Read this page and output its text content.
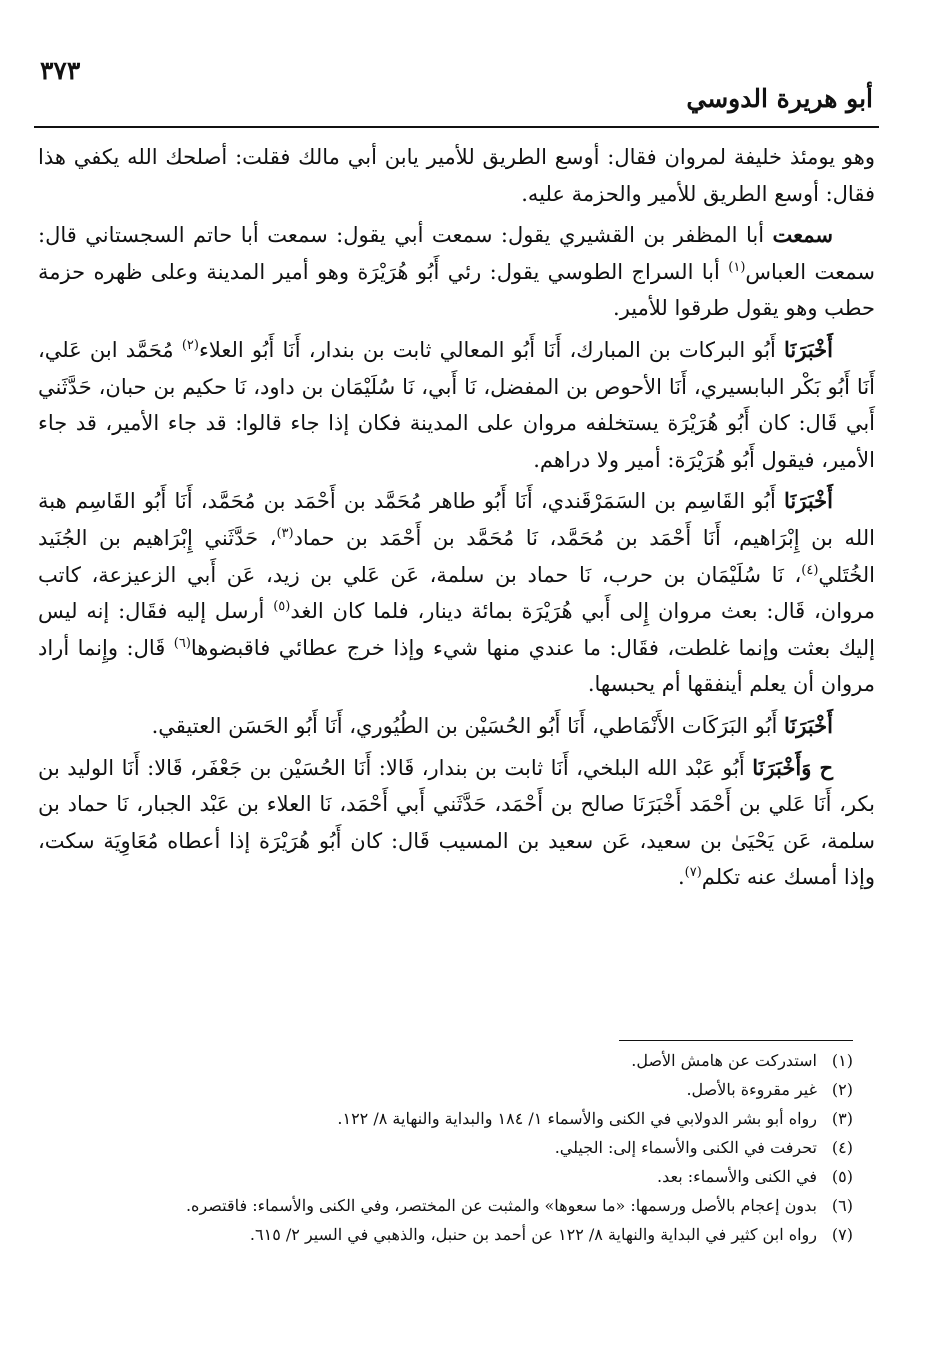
٣٧٣
أبو هريرة الدوسي

وهو يومئذ خليفة لمروان فقال: أوسع الطريق للأمير يابن أبي مالك فقلت: أصلحك الله يكفي هذا فقال: أوسع الطريق للأمير والحزمة عليه.

سمعت أبا المظفر بن القشيري يقول: سمعت أبي يقول: سمعت أبا حاتم السجستاني قال: سمعت العباس$^{(١)}$ أبا السراج الطوسي يقول: رئي أَبُو هُرَيْرَة وهو أمير المدينة وعلى ظهره حزمة حطب وهو يقول طرقوا للأمير.

أَخْبَرَنَا أَبُو البركات بن المبارك، أَنَا أَبُو المعالي ثابت بن بندار، أَنَا أَبُو العلاء$^{(٢)}$ مُحَمَّد ابن عَلي، أَنَا أَبُو بَكْر البابسيري، أَنَا الأحوص بن المفضل، نَا أَبي، نَا سُلَيْمَان بن داود، نَا حكيم بن حبان، حَدَّثَني أَبي قَال: كان أَبُو هُرَيْرَة يستخلفه مروان على المدينة فكان إذا جاء قالوا: قد جاء الأمير، قد جاء الأمير، فيقول أَبُو هُرَيْرَة: أمير ولا دراهم.

أَخْبَرَنَا أَبُو القَاسِم بن السَمَرْقَندي، أَنَا أَبُو طاهر مُحَمَّد بن أَحْمَد بن مُحَمَّد، أَنَا أَبُو القَاسِم هبة الله بن إِبْرَاهيم، أَنَا أَحْمَد بن مُحَمَّد، نَا مُحَمَّد بن أَحْمَد بن حماد$^{(٣)}$، حَدَّثَني إِبْرَاهيم بن الجُنَيد الخُتَلي$^{(٤)}$، نَا سُلَيْمَان بن حرب، نَا حماد بن سلمة، عَن عَلي بن زيد، عَن أَبي الزعيزعة، كاتب مروان، قَال: بعث مروان إِلى أَبي هُرَيْرَة بمائة دينار، فلما كان الغد$^{(٥)}$ أرسل إليه فقَال: إنه ليس إليك بعثت وإنما غلطت، فقَال: ما عندي منها شيء وإذا خرج عطائي فاقبضوها$^{(٦)}$ قَال: وإِنما أراد مروان أن يعلم أينفقها أم يحبسها.

أَخْبَرَنَا أَبُو البَرَكَات الأَنْمَاطي، أَنَا أَبُو الحُسَيْن بن الطُيُوري، أَنَا أَبُو الحَسَن العتيقي.

ح وَأَخْبَرَنَا أَبُو عَبْد الله البلخي، أَنَا ثابت بن بندار، قَالا: أَنَا الحُسَيْن بن جَعْفَر، قَالا: أَنَا الوليد بن بكر، أَنَا عَلي بن أَحْمَد أَخْبَرَنَا صالح بن أَحْمَد، حَدَّثَني أَبي أَحْمَد، نَا العلاء بن عَبْد الجبار، نَا حماد بن سلمة، عَن يَحْيَىٰ بن سعيد، عَن سعيد بن المسيب قَال: كان أَبُو هُرَيْرَة إذا أعطاه مُعَاوِيَة سكت، وإذا أمسك عنه تكلم$^{(٧)}$.

(١)
استدركت عن هامش الأصل.
(٢)
غير مقروءة بالأصل.
(٣)
رواه أبو بشر الدولابي في الكنى والأسماء ١/ ١٨٤ والبداية والنهاية ٨/ ١٢٢.
(٤)
تحرفت في الكنى والأسماء إلى: الجيلي.
(٥)
في الكنى والأسماء: بعد.
(٦)
بدون إعجام بالأصل ورسمها: «ما سعوها» والمثبت عن المختصر، وفي الكنى والأسماء: فاقتصره.
(٧)
رواه ابن كثير في البداية والنهاية ٨/ ١٢٢ عن أحمد بن حنبل، والذهبي في السير ٢/ ٦١٥.
